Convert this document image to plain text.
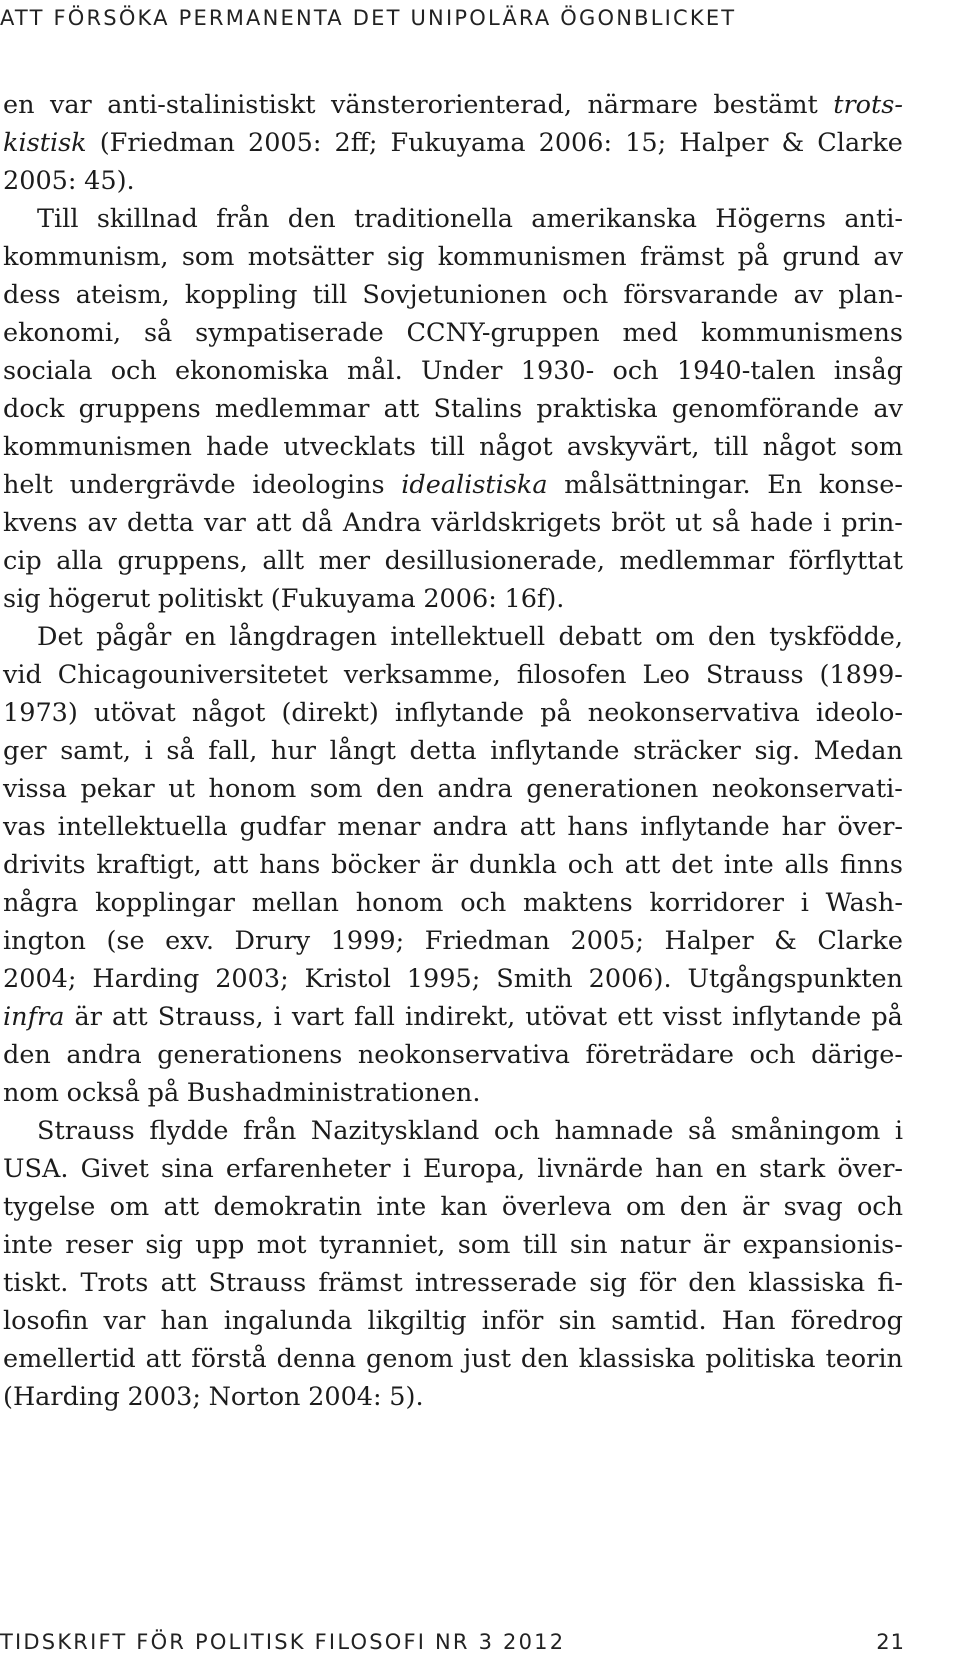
ATT FÖRSÖKA PERMANENTA DET UNIPOLÄRA ÖGONBLICKET
en var anti-stalinistiskt vänsterorienterad, närmare bestämt trots-
kistisk (Friedman 2005: 2ff; Fukuyama 2006: 15; Halper & Clarke
2005: 45).
Till skillnad från den traditionella amerikanska Högerns anti-
kommunism, som motsätter sig kommunismen främst på grund av
dess ateism, koppling till Sovjetunionen och försvarande av plan-
ekonomi, så sympatiserade CCNY-gruppen med kommunismens
sociala och ekonomiska mål. Under 1930- och 1940-talen insåg
dock gruppens medlemmar att Stalins praktiska genomförande av
kommunismen hade utvecklats till något avskyvärt, till något som
helt undergrävde ideologins idealistiska målsättningar. En konse-
kvens av detta var att då Andra världskrigets bröt ut så hade i prin-
cip alla gruppens, allt mer desillusionerade, medlemmar förflyttat
sig högerut politiskt (Fukuyama 2006: 16f).
Det pågår en långdragen intellektuell debatt om den tyskfödde,
vid Chicagouniversitetet verksamme, filosofen Leo Strauss (1899-
1973) utövat något (direkt) inflytande på neokonservativa ideolo-
ger samt, i så fall, hur långt detta inflytande sträcker sig. Medan
vissa pekar ut honom som den andra generationen neokonservati-
vas intellektuella gudfar menar andra att hans inflytande har över-
drivits kraftigt, att hans böcker är dunkla och att det inte alls finns
några kopplingar mellan honom och maktens korridorer i Wash-
ington (se exv. Drury 1999; Friedman 2005; Halper & Clarke
2004; Harding 2003; Kristol 1995; Smith 2006). Utgångspunkten
infra är att Strauss, i vart fall indirekt, utövat ett visst inflytande på
den andra generationens neokonservativa företrädare och därige-
nom också på Bushadministrationen.
Strauss flydde från Nazityskland och hamnade så småningom i
USA. Givet sina erfarenheter i Europa, livnärde han en stark över-
tygelse om att demokratin inte kan överleva om den är svag och
inte reser sig upp mot tyranniet, som till sin natur är expansionis-
tiskt. Trots att Strauss främst intresserade sig för den klassiska fi-
losofin var han ingalunda likgiltig inför sin samtid. Han föredrog
emellertid att förstå denna genom just den klassiska politiska teorin
(Harding 2003; Norton 2004: 5).
TIDSKRIFT FÖR POLITISK FILOSOFI NR 3 2012	21
